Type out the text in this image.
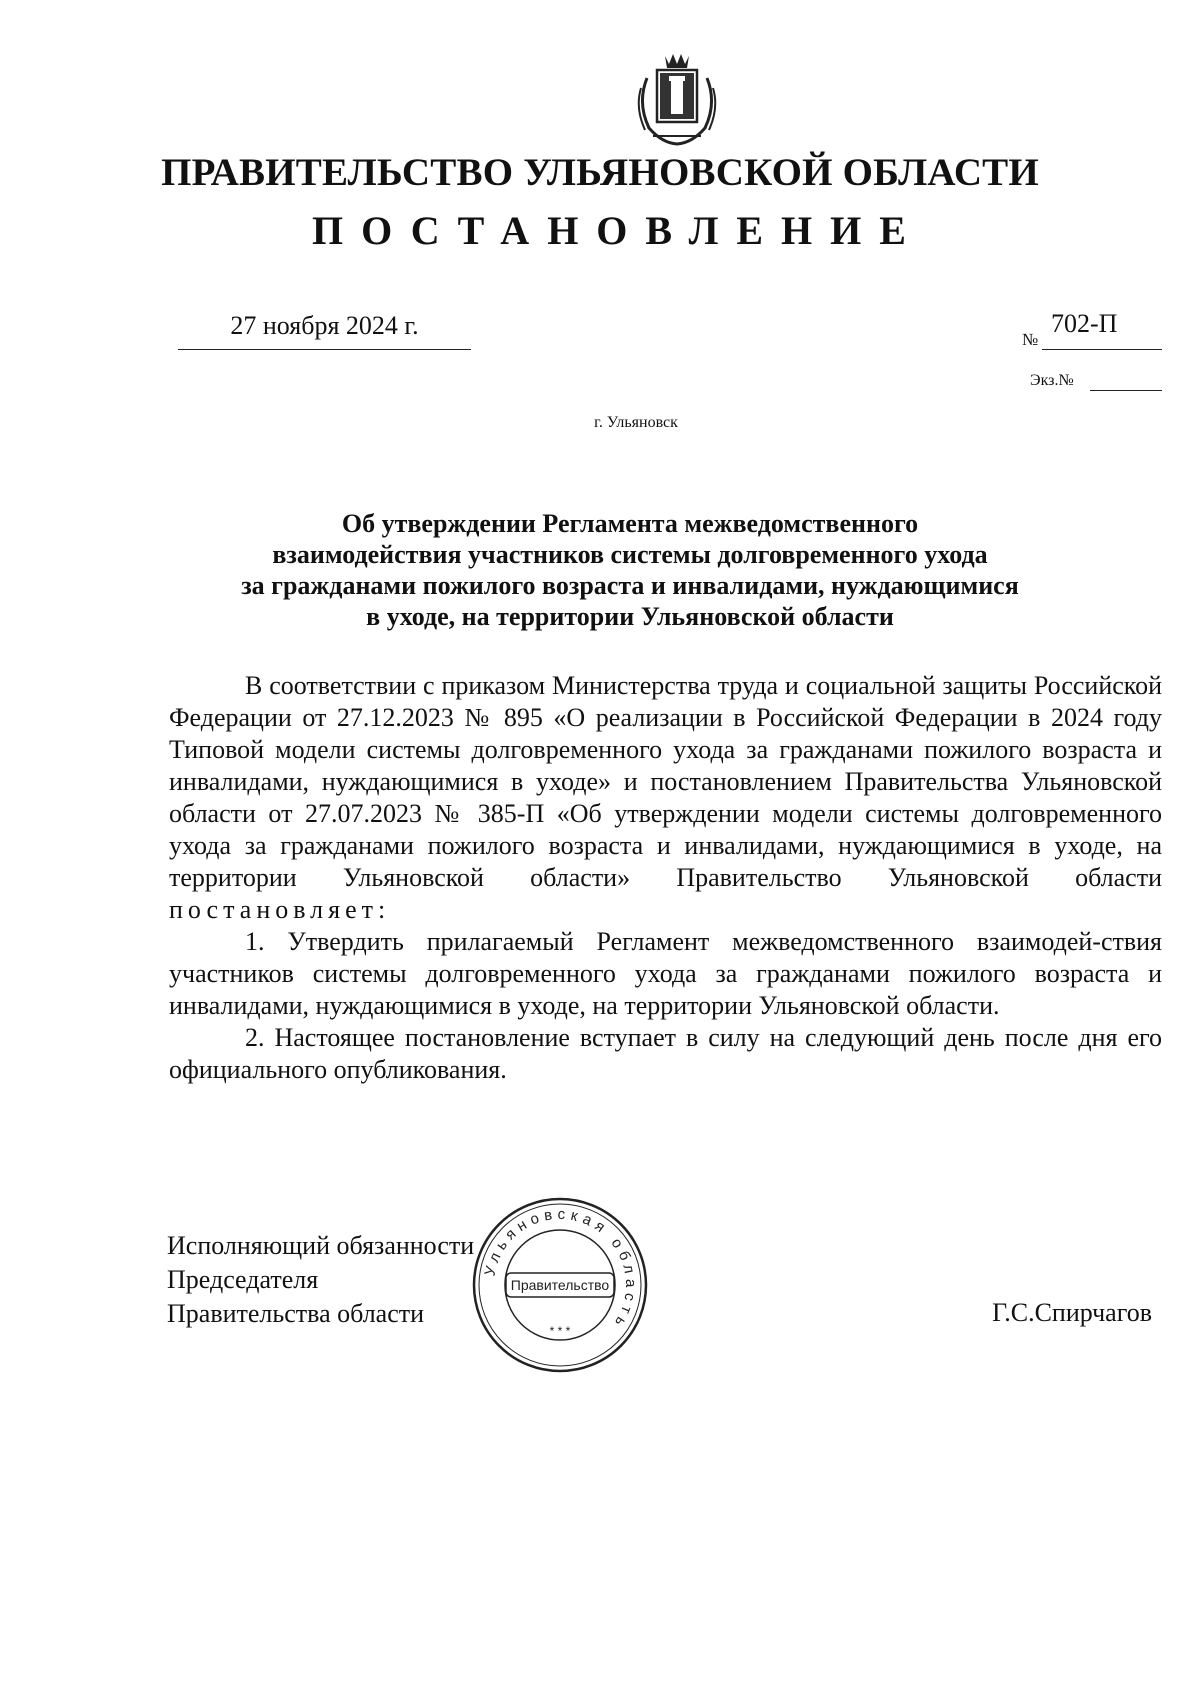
ПРАВИТЕЛЬСТВО УЛЬЯНОВСКОЙ ОБЛАСТИ
ПОСТАНОВЛЕНИЕ
27 ноября 2024 г.	№
702-П
Экз.№
г. Ульяновск
Об утверждении Регламента межведомственного
взаимодействия участников системы долговременного ухода
за гражданами пожилого возраста и инвалидами, нуждающимися
в уходе, на территории Ульяновской области

В соответствии с приказом Министерства труда и социальной защиты Российской Федерации от 27.12.2023 № 895 «О реализации в Российской Федерации в 2024 году Типовой модели системы долговременного ухода за гражданами пожилого возраста и инвалидами, нуждающимися в уходе» и постановлением Правительства Ульяновской области от 27.07.2023 № 385-П «Об утверждении модели системы долговременного ухода за гражданами пожилого возраста и инвалидами, нуждающимися в уходе, на территории Ульяновской области» Правительство Ульяновской области постановляет:

1. Утвердить прилагаемый Регламент межведомственного взаимодей-ствия участников системы долговременного ухода за гражданами пожилого возраста и инвалидами, нуждающимися в уходе, на территории Ульяновской области.

2. Настоящее постановление вступает в силу на следующий день после дня его официального опубликования.

Исполняющий обязанности
Председателя
Правительства области
Ульяновская область
Правительство
* * *
Г.С.Спирчагов
